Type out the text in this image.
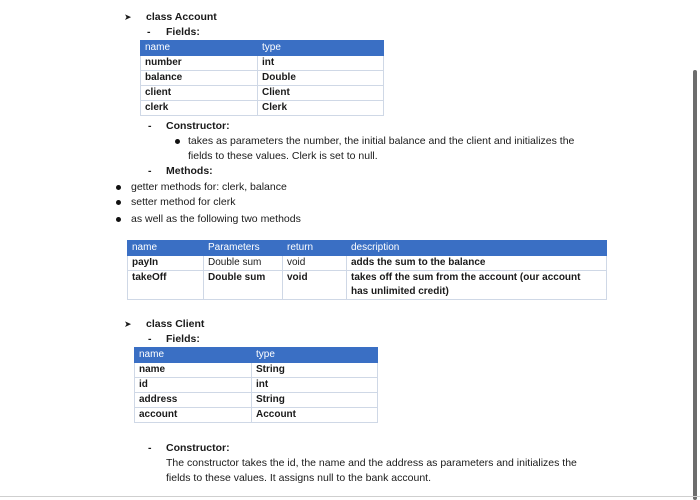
➤ class Account
- Fields:
name	type
number	int
balance	Double
client	Client
clerk	Clerk
- Constructor:
takes as parameters the number, the initial balance and the client and initializes the
fields to these values. Clerk is set to null.
- Methods:
getter methods for: clerk, balance
setter method for clerk
as well as the following two methods
name	Parameters	return	description
payIn	Double sum	void	adds the sum to the balance
takeOff	Double sum	void	takes off the sum from the account (our account
has unlimited credit)
➤ class Client
- Fields:
name	type
name	String
id	int
address	String
account	Account
- Constructor:
The constructor takes the id, the name and the address as parameters and initializes the
fields to these values. It assigns null to the bank account.
